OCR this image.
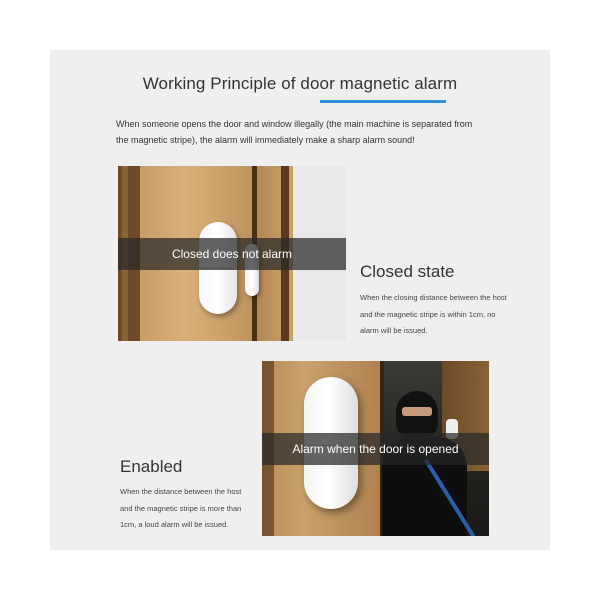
Working Principle of door magnetic alarm
When someone opens the door and window illegally (the main machine is separated from the magnetic stripe), the alarm will immediately make a sharp alarm sound!
Closed does not alarm
Closed state
When the closing distance between the host and the magnetic stripe is within 1cm, no alarm will be issued.
Alarm when the door is opened
Enabled
When the distance between the host and the magnetic stripe is more than 1cm, a loud alarm will be issued.
